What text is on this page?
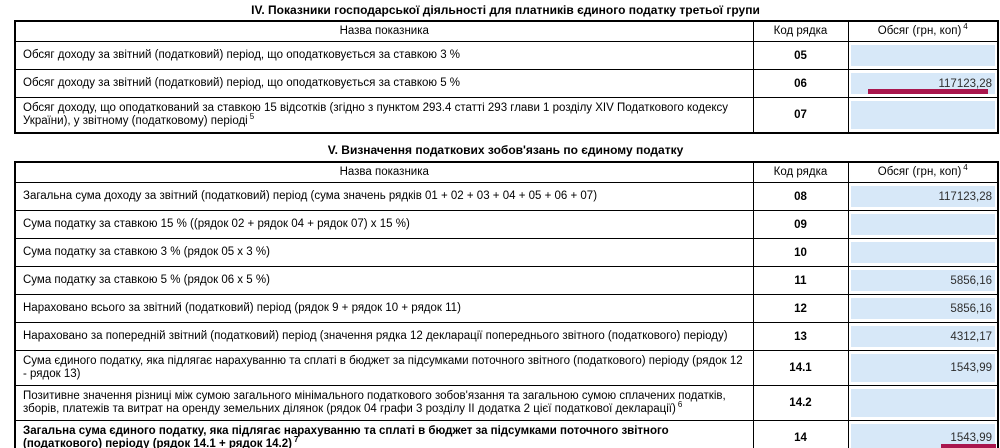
IV. Показники господарської діяльності для платників єдиного податку третьої групи
Назва показника	Код рядка	Обсяг (грн, коп) $^4$
Обсяг доходу за звітний (податковий) період, що оподатковується за ставкою 3 %	05	

Обсяг доходу за звітний (податковий) період, що оподатковується за ставкою 5 %	06	117123,28

Обсяг доходу, що оподаткований за ставкою 15 відсотків (згідно з пунктом 293.4 статті 293 глави 1 розділу XIV Податкового кодексу України), у звітному (податковому) періоді $^5$	07	
V. Визначення податкових зобов'язань по єдиному податку
Назва показника	Код рядка	Обсяг (грн, коп) $^4$
Загальна сума доходу за звітний (податковий) період (сума значень рядків 01 + 02 + 03 + 04 + 05 + 06 + 07)	08	117123,28

Сума податку за ставкою 15 % ((рядок 02 + рядок 04 + рядок 07) х 15 %)	09	

Сума податку за ставкою 3 % (рядок 05 х 3 %)	10	

Сума податку за ставкою 5 % (рядок 06 х 5 %)	11	5856,16

Нараховано всього за звітний (податковий) період (рядок 9 + рядок 10 + рядок 11)	12	5856,16

Нараховано за попередній звітний (податковий) період (значення рядка 12 декларації попереднього звітного (податкового) періоду)	13	4312,17

Сума єдиного податку, яка підлягає нарахуванню та сплаті в бюджет за підсумками поточного звітного (податкового) періоду (рядок 12 - рядок 13)	14.1	1543,99

Позитивне значення різниці між сумою загального мінімального податкового зобов'язання та загальною сумою сплачених податків, зборів, платежів та витрат на оренду земельних ділянок (рядок 04 графи 3 розділу II додатка 2 цієї податкової декларації) $^6$	14.2	

Загальна сума єдиного податку, яка підлягає нарахуванню та сплаті в бюджет за підсумками поточного звітного (податкового) періоду (рядок 14.1 + рядок 14.2) $^7$	14	1543,99
